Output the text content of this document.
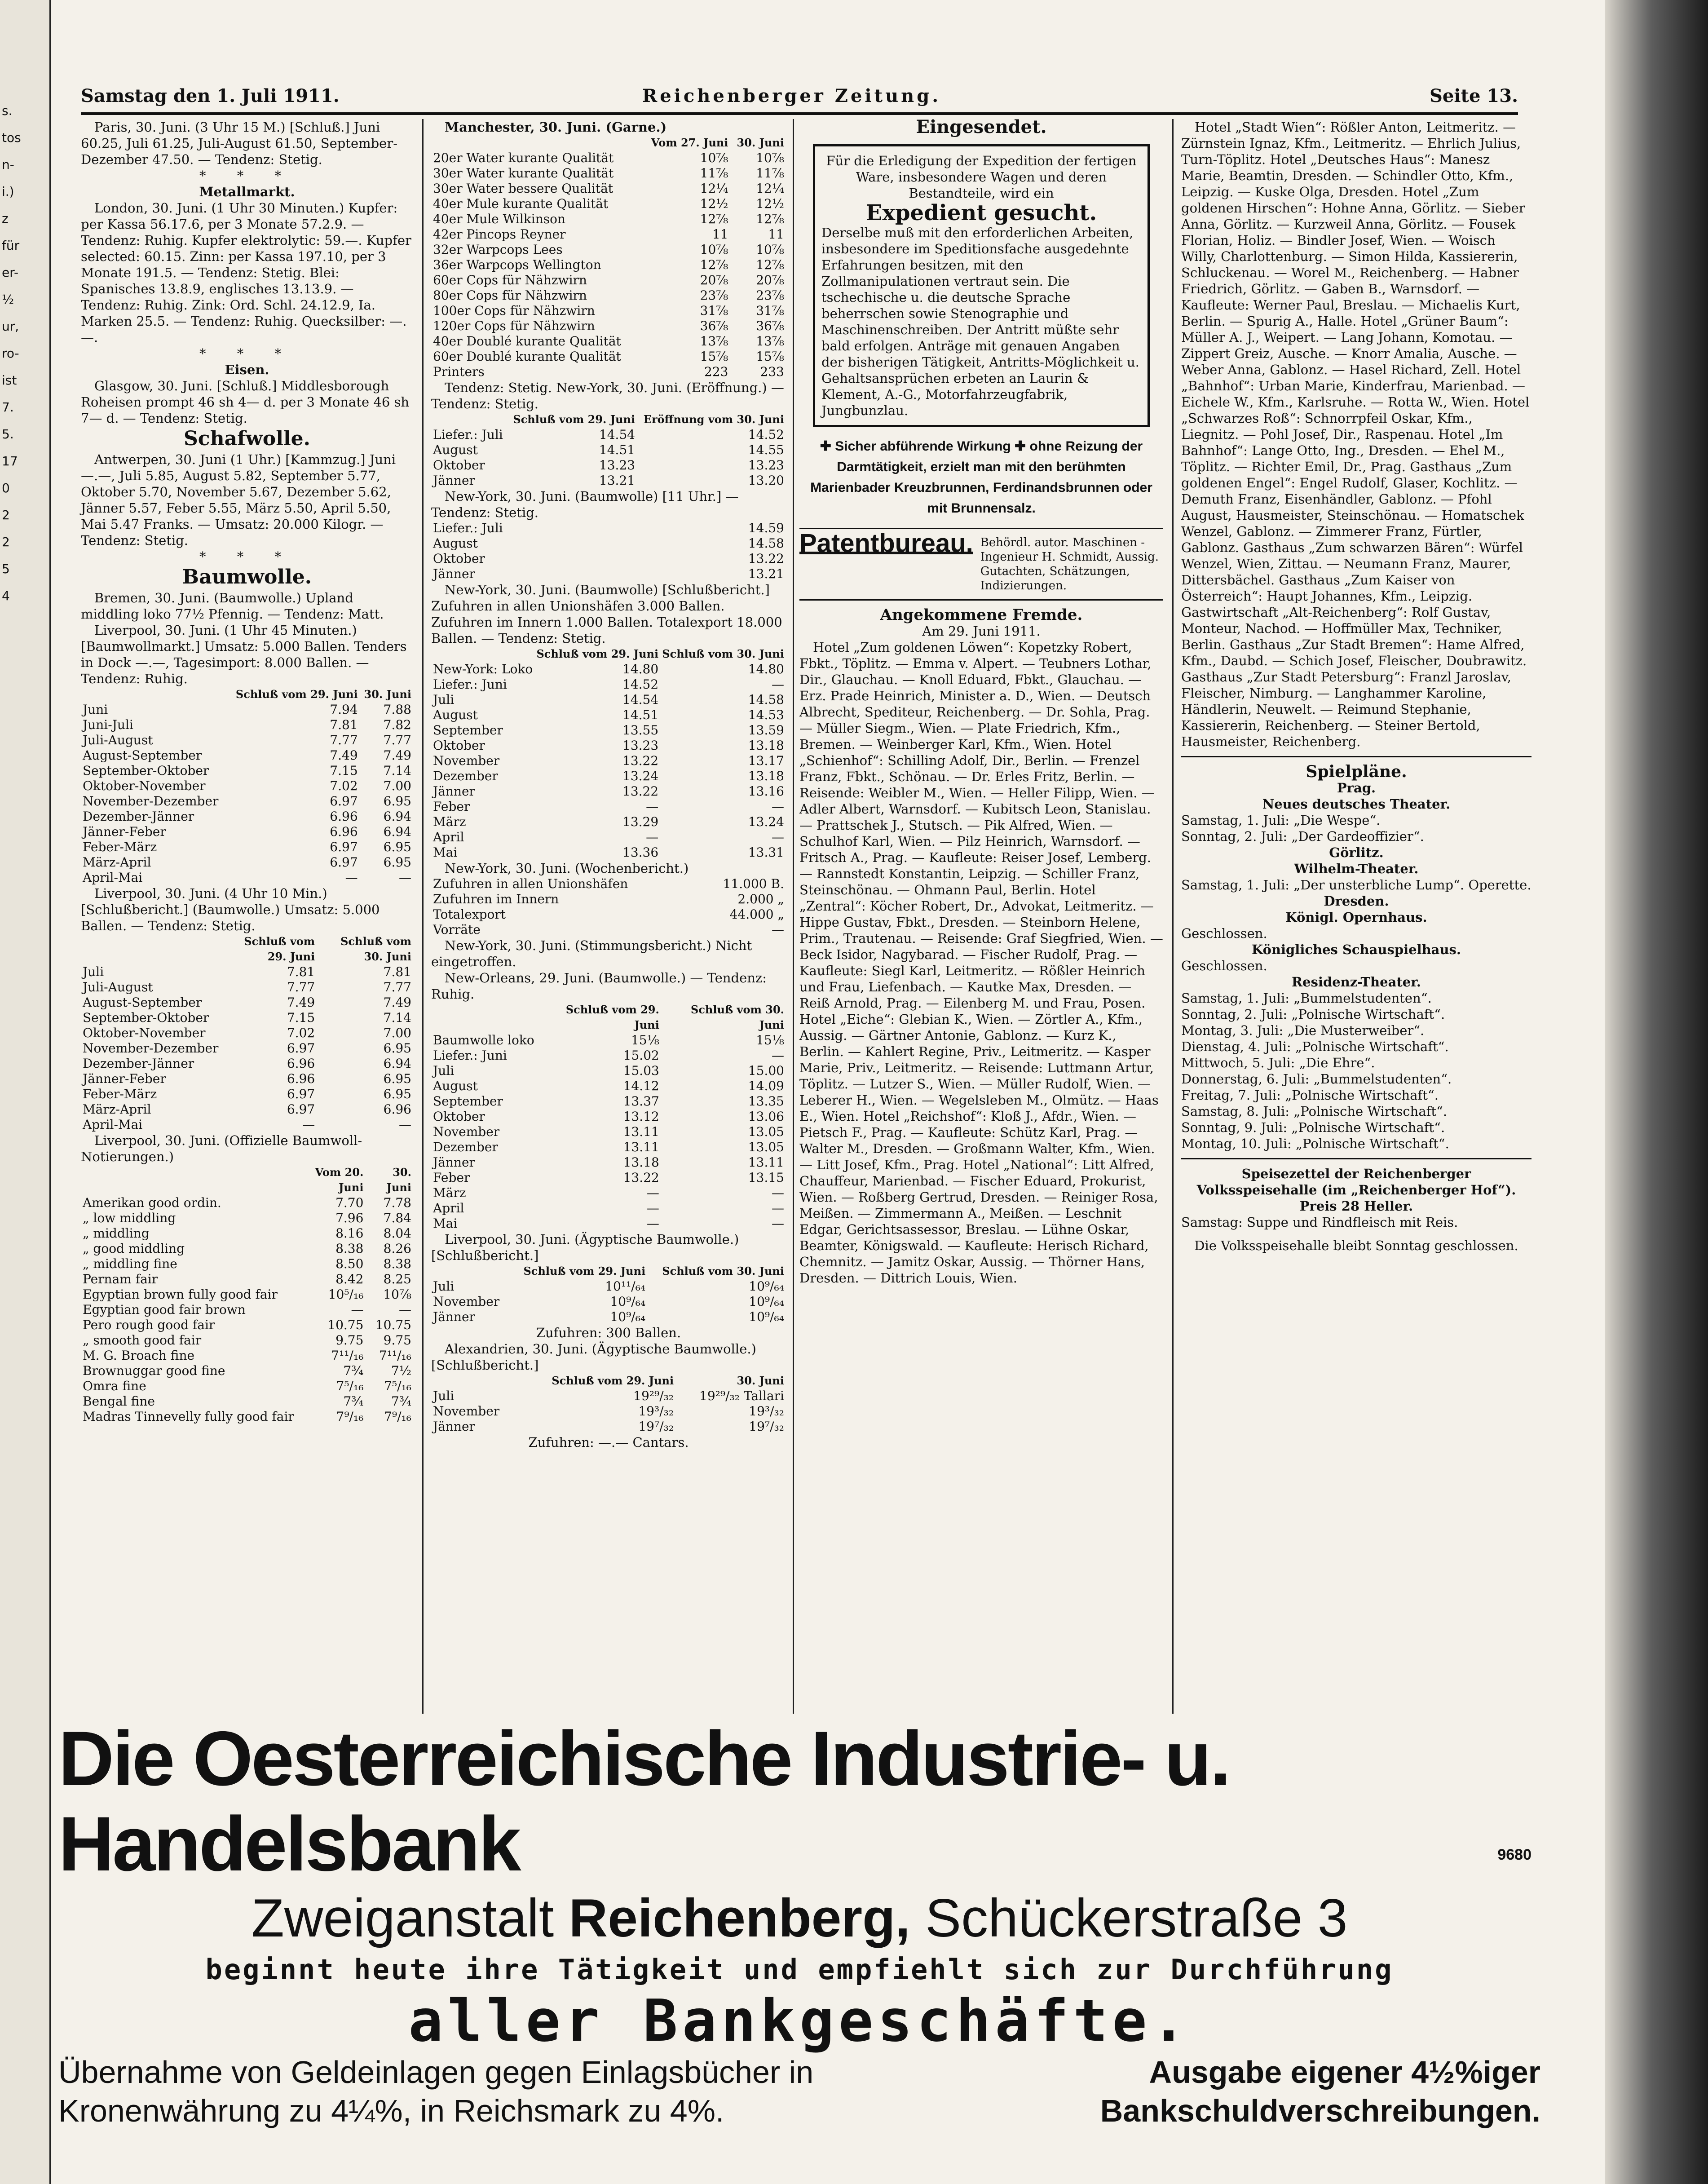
s.
tos
n-
i.)
z
für
er-
½
ur,
ro-
ist
7.
5.
17
0
2
2
5
4
Samstag den 1. Juli 1911.	Reichenberger Zeitung.	Seite 13.

Paris, 30. Juni. (3 Uhr 15 M.) [Schluß.] Juni 60.25, Juli 61.25, Juli-August 61.50, September-Dezember 47.50. — Tendenz: Stetig.

* * *
Metallmarkt.

London, 30. Juni. (1 Uhr 30 Minuten.) Kupfer: per Kassa 56.17.6, per 3 Monate 57.2.9. — Tendenz: Ruhig. Kupfer elektrolytic: 59.—. Kupfer selected: 60.15. Zinn: per Kassa 197.10, per 3 Monate 191.5. — Tendenz: Stetig. Blei: Spanisches 13.8.9, englisches 13.13.9. — Tendenz: Ruhig. Zink: Ord. Schl. 24.12.9, Ia. Marken 25.5. — Tendenz: Ruhig. Quecksilber: —.—.

* * *
Eisen.

Glasgow, 30. Juni. [Schluß.] Middlesborough Roheisen prompt 46 sh 4— d. per 3 Monate 46 sh 7— d. — Tendenz: Stetig.

Schafwolle.

Antwerpen, 30. Juni (1 Uhr.) [Kammzug.] Juni —.—, Juli 5.85, August 5.82, September 5.77, Oktober 5.70, November 5.67, Dezember 5.62, Jänner 5.57, Feber 5.55, März 5.50, April 5.50, Mai 5.47 Franks. — Umsatz: 20.000 Kilogr. — Tendenz: Stetig.

* * *
Baumwolle.

Bremen, 30. Juni. (Baumwolle.) Upland middling loko 77½ Pfennig. — Tendenz: Matt.

Liverpool, 30. Juni. (1 Uhr 45 Minuten.) [Baumwollmarkt.] Umsatz: 5.000 Ballen. Tenders in Dock —.—, Tagesimport: 8.000 Ballen. — Tendenz: Ruhig.

	Schluß vom 29. Juni	30. Juni
Juni	7.94	7.88
Juni-Juli	7.81	7.82
Juli-August	7.77	7.77
August-September	7.49	7.49
September-Oktober	7.15	7.14
Oktober-November	7.02	7.00
November-Dezember	6.97	6.95
Dezember-Jänner	6.96	6.94
Jänner-Feber	6.96	6.94
Feber-März	6.97	6.95
März-April	6.97	6.95
April-Mai	—	—

Liverpool, 30. Juni. (4 Uhr 10 Min.) [Schlußbericht.] (Baumwolle.) Umsatz: 5.000 Ballen. — Tendenz: Stetig.

	Schluß vom 29. Juni	Schluß vom 30. Juni
Juli	7.81	7.81
Juli-August	7.77	7.77
August-September	7.49	7.49
September-Oktober	7.15	7.14
Oktober-November	7.02	7.00
November-Dezember	6.97	6.95
Dezember-Jänner	6.96	6.94
Jänner-Feber	6.96	6.95
Feber-März	6.97	6.95
März-April	6.97	6.96
April-Mai	—	—

Liverpool, 30. Juni. (Offizielle Baumwoll-Notierungen.)

	Vom 20. Juni	30. Juni
Amerikan good ordin.	7.70	7.78
„ low middling	7.96	7.84
„ middling	8.16	8.04
„ good middling	8.38	8.26
„ middling fine	8.50	8.38
Pernam fair	8.42	8.25
Egyptian brown fully good fair	10⁵/₁₆	10⅞
Egyptian good fair brown	—	—
Pero rough good fair	10.75	10.75
„ smooth good fair	9.75	9.75
M. G. Broach fine	7¹¹/₁₆	7¹¹/₁₆
Brownuggar good fine	7¾	7½
Omra fine	7⁵/₁₆	7⁵/₁₆
Bengal fine	7¾	7¾
Madras Tinnevelly fully good fair	7⁹/₁₆	7⁹/₁₆

Manchester, 30. Juni. (Garne.)

	Vom 27. Juni	30. Juni
20er Water kurante Qualität	10⅞	10⅞
30er Water kurante Qualität	11⅞	11⅞
30er Water bessere Qualität	12¼	12¼
40er Mule kurante Qualität	12½	12½
40er Mule Wilkinson	12⅞	12⅞
42er Pincops Reyner	11	11
32er Warpcops Lees	10⅞	10⅞
36er Warpcops Wellington	12⅞	12⅞
60er Cops für Nähzwirn	20⅞	20⅞
80er Cops für Nähzwirn	23⅞	23⅞
100er Cops für Nähzwirn	31⅞	31⅞
120er Cops für Nähzwirn	36⅞	36⅞
40er Doublé kurante Qualität	13⅞	13⅞
60er Doublé kurante Qualität	15⅞	15⅞
Printers	223	233

Tendenz: Stetig. New-York, 30. Juni. (Eröffnung.) — Tendenz: Stetig.

	Schluß vom 29. Juni	Eröffnung vom 30. Juni
Liefer.: Juli	14.54	14.52
August	14.51	14.55
Oktober	13.23	13.23
Jänner	13.21	13.20

New-York, 30. Juni. (Baumwolle) [11 Uhr.] — Tendenz: Stetig.

Liefer.: Juli	14.59
August	14.58
Oktober	13.22
Jänner	13.21

New-York, 30. Juni. (Baumwolle) [Schlußbericht.] Zufuhren in allen Unionshäfen 3.000 Ballen. Zufuhren im Innern 1.000 Ballen. Totalexport 18.000 Ballen. — Tendenz: Stetig.

	Schluß vom 29. Juni	Schluß vom 30. Juni
New-York: Loko	14.80	14.80
Liefer.: Juni	14.52	—
Juli	14.54	14.58
August	14.51	14.53
September	13.55	13.59
Oktober	13.23	13.18
November	13.22	13.17
Dezember	13.24	13.18
Jänner	13.22	13.16
Feber	—	—
März	13.29	13.24
April	—	—
Mai	13.36	13.31

New-York, 30. Juni. (Wochenbericht.)

Zufuhren in allen Unionshäfen	11.000 B.
Zufuhren im Innern	2.000 „
Totalexport	44.000 „
Vorräte	—

New-York, 30. Juni. (Stimmungsbericht.) Nicht eingetroffen.

New-Orleans, 29. Juni. (Baumwolle.) — Tendenz: Ruhig.

	Schluß vom 29. Juni	Schluß vom 30. Juni
Baumwolle loko	15⅛	15⅛
Liefer.: Juni	15.02	—
Juli	15.03	15.00
August	14.12	14.09
September	13.37	13.35
Oktober	13.12	13.06
November	13.11	13.05
Dezember	13.11	13.05
Jänner	13.18	13.11
Feber	13.22	13.15
März	—	—
April	—	—
Mai	—	—

Liverpool, 30. Juni. (Ägyptische Baumwolle.) [Schlußbericht.]

	Schluß vom 29. Juni	Schluß vom 30. Juni
Juli	10¹¹/₆₄	10⁹/₆₄
November	10⁹/₆₄	10⁹/₆₄
Jänner	10⁹/₆₄	10⁹/₆₄
Zufuhren: 300 Ballen.

Alexandrien, 30. Juni. (Ägyptische Baumwolle.) [Schlußbericht.]

	Schluß vom 29. Juni	30. Juni
Juli	19²⁹/₃₂	19²⁹/₃₂ Tallari
November	19³/₃₂	19³/₃₂
Jänner	19⁷/₃₂	19⁷/₃₂
Zufuhren: —.— Cantars.
Eingesendet.
Für die Erledigung der Expedition der fertigen Ware, insbesondere Wagen und deren Bestandteile, wird ein
Expedient gesucht.
Derselbe muß mit den erforderlichen Arbeiten, insbesondere im Speditionsfache ausgedehnte Erfahrungen besitzen, mit den Zollmanipulationen vertraut sein. Die tschechische u. die deutsche Sprache beherrschen sowie Stenographie und Maschinenschreiben. Der Antritt müßte sehr bald erfolgen. Anträge mit genauen Angaben der bisherigen Tätigkeit, Antritts-Möglichkeit u. Gehaltsansprüchen erbeten an Laurin & Klement, A.-G., Motorfahrzeugfabrik, Jungbunzlau.
✚ Sicher abführende Wirkung ✚ ohne Reizung der Darmtätigkeit, erzielt man mit den berühmten Marienbader Kreuzbrunnen, Ferdinandsbrunnen oder mit Brunnensalz.
Patentbureau. Behördl. autor. Maschinen - Ingenieur H. Schmidt, Aussig. Gutachten, Schätzungen, Indizierungen.
Angekommene Fremde.
Am 29. Juni 1911.

Hotel „Zum goldenen Löwen“: Kopetzky Robert, Fbkt., Töplitz. — Emma v. Alpert. — Teubners Lothar, Dir., Glauchau. — Knoll Eduard, Fbkt., Glauchau. — Erz. Prade Heinrich, Minister a. D., Wien. — Deutsch Albrecht, Spediteur, Reichenberg. — Dr. Sohla, Prag. — Müller Siegm., Wien. — Plate Friedrich, Kfm., Bremen. — Weinberger Karl, Kfm., Wien. Hotel „Schienhof“: Schilling Adolf, Dir., Berlin. — Frenzel Franz, Fbkt., Schönau. — Dr. Erles Fritz, Berlin. — Reisende: Weibler M., Wien. — Heller Filipp, Wien. — Adler Albert, Warnsdorf. — Kubitsch Leon, Stanislau. — Prattschek J., Stutsch. — Pik Alfred, Wien. — Schulhof Karl, Wien. — Pilz Heinrich, Warnsdorf. — Fritsch A., Prag. — Kaufleute: Reiser Josef, Lemberg. — Rannstedt Konstantin, Leipzig. — Schiller Franz, Steinschönau. — Ohmann Paul, Berlin. Hotel „Zentral“: Köcher Robert, Dr., Advokat, Leitmeritz. — Hippe Gustav, Fbkt., Dresden. — Steinborn Helene, Prim., Trautenau. — Reisende: Graf Siegfried, Wien. — Beck Isidor, Nagybarad. — Fischer Rudolf, Prag. — Kaufleute: Siegl Karl, Leitmeritz. — Rößler Heinrich und Frau, Liefenbach. — Kautke Max, Dresden. — Reiß Arnold, Prag. — Eilenberg M. und Frau, Posen. Hotel „Eiche“: Glebian K., Wien. — Zörtler A., Kfm., Aussig. — Gärtner Antonie, Gablonz. — Kurz K., Berlin. — Kahlert Regine, Priv., Leitmeritz. — Kasper Marie, Priv., Leitmeritz. — Reisende: Luttmann Artur, Töplitz. — Lutzer S., Wien. — Müller Rudolf, Wien. — Leberer H., Wien. — Wegelsleben M., Olmütz. — Haas E., Wien. Hotel „Reichshof“: Kloß J., Afdr., Wien. — Pietsch F., Prag. — Kaufleute: Schütz Karl, Prag. — Walter M., Dresden. — Großmann Walter, Kfm., Wien. — Litt Josef, Kfm., Prag. Hotel „National“: Litt Alfred, Chauffeur, Marienbad. — Fischer Eduard, Prokurist, Wien. — Roßberg Gertrud, Dresden. — Reiniger Rosa, Meißen. — Zimmermann A., Meißen. — Leschnit Edgar, Gerichtsassessor, Breslau. — Lühne Oskar, Beamter, Königswald. — Kaufleute: Herisch Richard, Chemnitz. — Jamitz Oskar, Aussig. — Thörner Hans, Dresden. — Dittrich Louis, Wien.

Hotel „Stadt Wien“: Rößler Anton, Leitmeritz. — Zürnstein Ignaz, Kfm., Leitmeritz. — Ehrlich Julius, Turn-Töplitz. Hotel „Deutsches Haus“: Manesz Marie, Beamtin, Dresden. — Schindler Otto, Kfm., Leipzig. — Kuske Olga, Dresden. Hotel „Zum goldenen Hirschen“: Hohne Anna, Görlitz. — Sieber Anna, Görlitz. — Kurzweil Anna, Görlitz. — Fousek Florian, Holiz. — Bindler Josef, Wien. — Woisch Willy, Charlottenburg. — Simon Hilda, Kassiererin, Schluckenau. — Worel M., Reichenberg. — Habner Friedrich, Görlitz. — Gaben B., Warnsdorf. — Kaufleute: Werner Paul, Breslau. — Michaelis Kurt, Berlin. — Spurig A., Halle. Hotel „Grüner Baum“: Müller A. J., Weipert. — Lang Johann, Komotau. — Zippert Greiz, Ausche. — Knorr Amalia, Ausche. — Weber Anna, Gablonz. — Hasel Richard, Zell. Hotel „Bahnhof“: Urban Marie, Kinderfrau, Marienbad. — Eichele W., Kfm., Karlsruhe. — Rotta W., Wien. Hotel „Schwarzes Roß“: Schnorrpfeil Oskar, Kfm., Liegnitz. — Pohl Josef, Dir., Raspenau. Hotel „Im Bahnhof“: Lange Otto, Ing., Dresden. — Ehel M., Töplitz. — Richter Emil, Dr., Prag. Gasthaus „Zum goldenen Engel“: Engel Rudolf, Glaser, Kochlitz. — Demuth Franz, Eisenhändler, Gablonz. — Pfohl August, Hausmeister, Steinschönau. — Homatschek Wenzel, Gablonz. — Zimmerer Franz, Fürtler, Gablonz. Gasthaus „Zum schwarzen Bären“: Würfel Wenzel, Wien, Zittau. — Neumann Franz, Maurer, Dittersbächel. Gasthaus „Zum Kaiser von Österreich“: Haupt Johannes, Kfm., Leipzig. Gastwirtschaft „Alt-Reichenberg“: Rolf Gustav, Monteur, Nachod. — Hoffmüller Max, Techniker, Berlin. Gasthaus „Zur Stadt Bremen“: Hame Alfred, Kfm., Daubd. — Schich Josef, Fleischer, Doubrawitz. Gasthaus „Zur Stadt Petersburg“: Franzl Jaroslav, Fleischer, Nimburg. — Langhammer Karoline, Händlerin, Neuwelt. — Reimund Stephanie, Kassiererin, Reichenberg. — Steiner Bertold, Hausmeister, Reichenberg.

Spielpläne.
Prag.
Neues deutsches Theater.
Samstag, 1. Juli: „Die Wespe“.
Sonntag, 2. Juli: „Der Gardeoffizier“.
Görlitz.
Wilhelm-Theater.
Samstag, 1. Juli: „Der unsterbliche Lump“. Operette.
Dresden.
Königl. Opernhaus.
Geschlossen.
Königliches Schauspielhaus.
Geschlossen.
Residenz-Theater.
Samstag, 1. Juli: „Bummelstudenten“.
Sonntag, 2. Juli: „Polnische Wirtschaft“.
Montag, 3. Juli: „Die Musterweiber“.
Dienstag, 4. Juli: „Polnische Wirtschaft“.
Mittwoch, 5. Juli: „Die Ehre“.
Donnerstag, 6. Juli: „Bummelstudenten“.
Freitag, 7. Juli: „Polnische Wirtschaft“.
Samstag, 8. Juli: „Polnische Wirtschaft“.
Sonntag, 9. Juli: „Polnische Wirtschaft“.
Montag, 10. Juli: „Polnische Wirtschaft“.
Speisezettel der Reichenberger Volksspeisehalle (im „Reichenberger Hof“).
Preis 28 Heller.
Samstag: Suppe und Rindfleisch mit Reis.
Die Volksspeisehalle bleibt Sonntag geschlossen.
Die Oesterreichische Industrie- u. Handelsbank
Zweiganstalt Reichenberg, Schückerstraße 3
9680
beginnt heute ihre Tätigkeit und empfiehlt sich zur Durchführung
aller Bankgeschäfte.
Übernahme von Geldeinlagen gegen Einlagsbücher in Kronenwährung zu 4¼%, in Reichsmark zu 4%.
Ausgabe eigener 4½%iger Bankschuldverschreibungen.
